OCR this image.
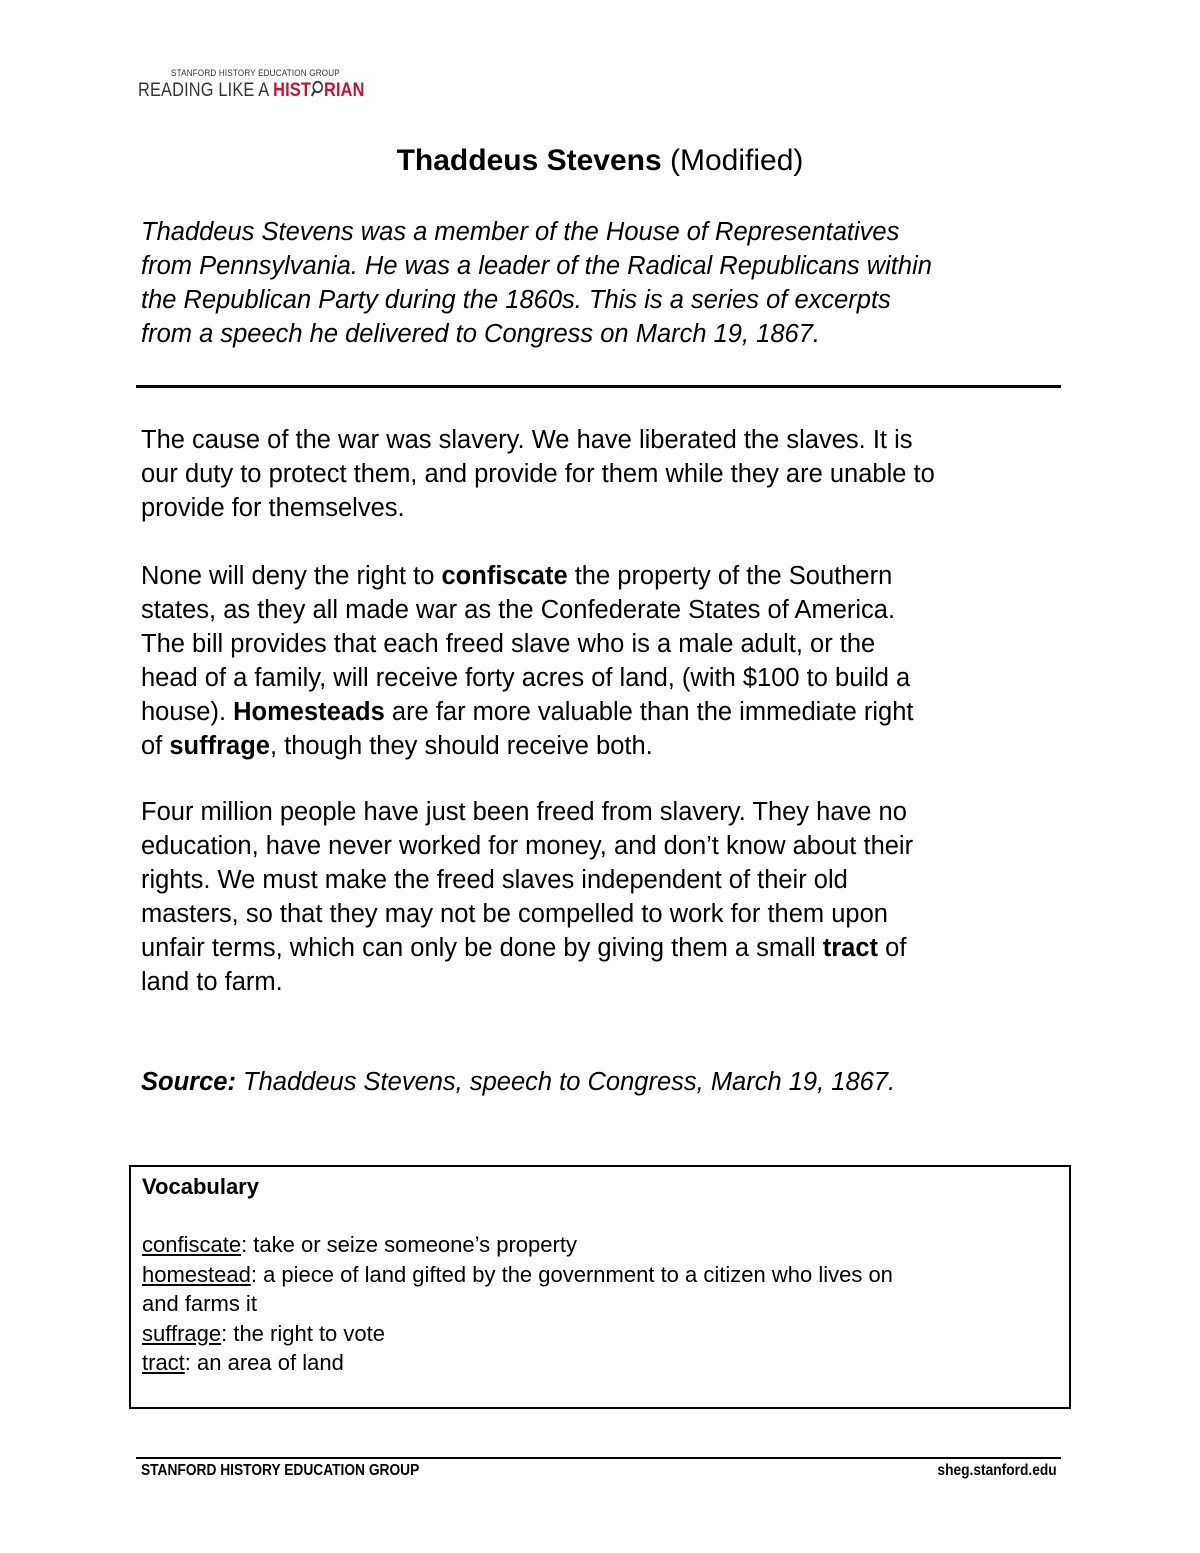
STANFORD HISTORY EDUCATION GROUP
READING LIKE A HIST RIAN
Thaddeus Stevens (Modified)
Thaddeus Stevens was a member of the House of Representatives
from Pennsylvania. He was a leader of the Radical Republicans within
the Republican Party during the 1860s. This is a series of excerpts
from a speech he delivered to Congress on March 19, 1867.
The cause of the war was slavery. We have liberated the slaves. It is
our duty to protect them, and provide for them while they are unable to
provide for themselves.
None will deny the right to confiscate the property of the Southern
states, as they all made war as the Confederate States of America.
The bill provides that each freed slave who is a male adult, or the
head of a family, will receive forty acres of land, (with $100 to build a
house). Homesteads are far more valuable than the immediate right
of suffrage, though they should receive both.
Four million people have just been freed from slavery. They have no
education, have never worked for money, and don’t know about their
rights. We must make the freed slaves independent of their old
masters, so that they may not be compelled to work for them upon
unfair terms, which can only be done by giving them a small tract of
land to farm.
Source: Thaddeus Stevens, speech to Congress, March 19, 1867.
Vocabulary
confiscate: take or seize someone’s property
homestead: a piece of land gifted by the government to a citizen who lives on
and farms it
suffrage: the right to vote
tract: an area of land
STANFORD HISTORY EDUCATION GROUP	sheg.stanford.edu
